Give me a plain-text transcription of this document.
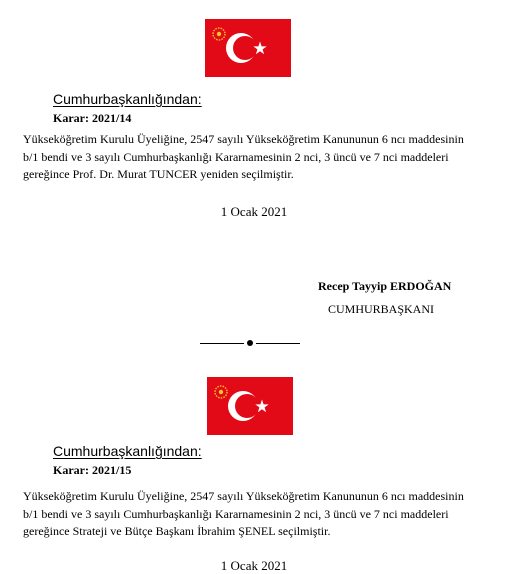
Cumhurbaşkanlığından:
Karar: 2021/14
Yükseköğretim Kurulu Üyeliğine, 2547 sayılı Yükseköğretim Kanununun 6 ncı maddesinin
b/1 bendi ve 3 sayılı Cumhurbaşkanlığı Kararnamesinin 2 nci, 3 üncü ve 7 nci maddeleri
gereğince Prof. Dr. Murat TUNCER yeniden seçilmiştir.
1 Ocak 2021
Recep Tayyip ERDOĞAN
CUMHURBAŞKANI
Cumhurbaşkanlığından:
Karar: 2021/15
Yükseköğretim Kurulu Üyeliğine, 2547 sayılı Yükseköğretim Kanununun 6 ncı maddesinin
b/1 bendi ve 3 sayılı Cumhurbaşkanlığı Kararnamesinin 2 nci, 3 üncü ve 7 nci maddeleri
gereğince Strateji ve Bütçe Başkanı İbrahim ŞENEL seçilmiştir.
1 Ocak 2021
